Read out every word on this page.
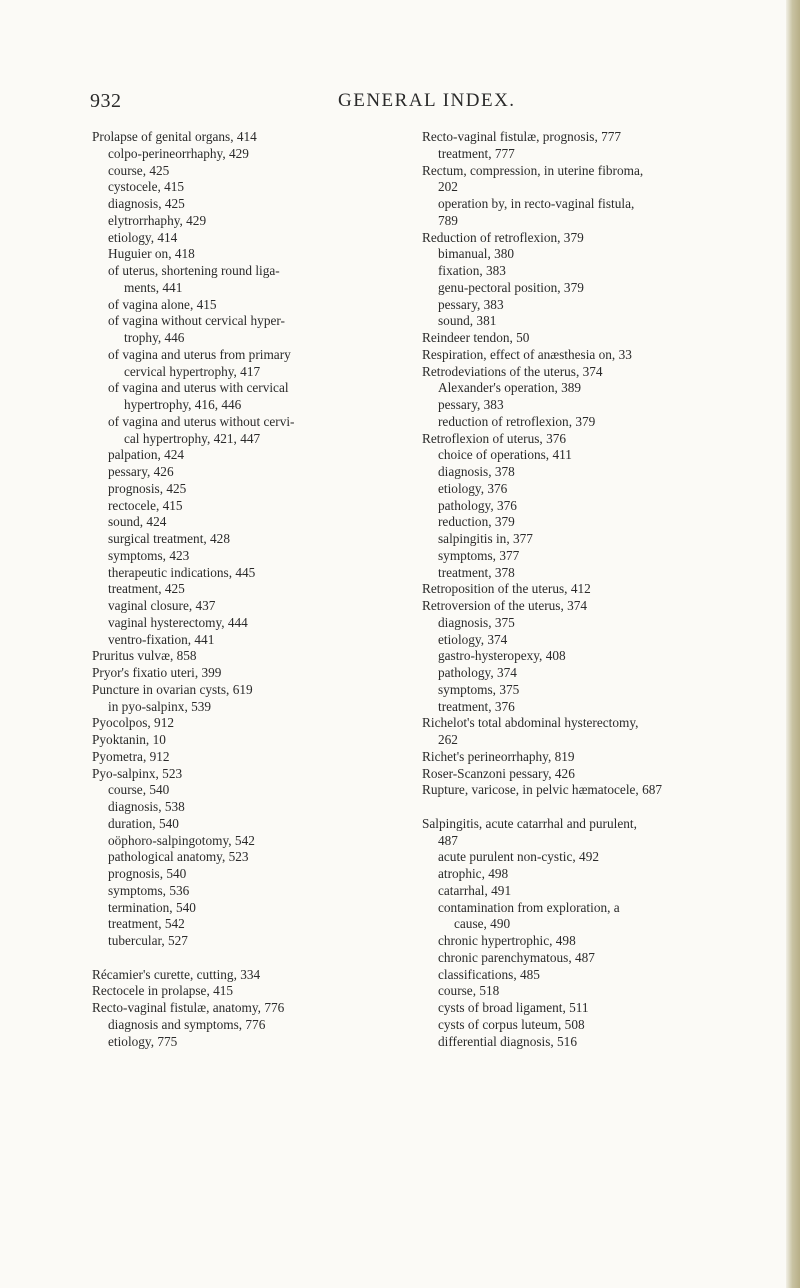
932	GENERAL INDEX.
Prolapse of genital organs, 414
colpo-perineorrhaphy, 429
course, 425
cystocele, 415
diagnosis, 425
elytrorrhaphy, 429
etiology, 414
Huguier on, 418
of uterus, shortening round liga-
ments, 441
of vagina alone, 415
of vagina without cervical hyper-
trophy, 446
of vagina and uterus from primary
cervical hypertrophy, 417
of vagina and uterus with cervical
hypertrophy, 416, 446
of vagina and uterus without cervi-
cal hypertrophy, 421, 447
palpation, 424
pessary, 426
prognosis, 425
rectocele, 415
sound, 424
surgical treatment, 428
symptoms, 423
therapeutic indications, 445
treatment, 425
vaginal closure, 437
vaginal hysterectomy, 444
ventro-fixation, 441
Pruritus vulvæ, 858
Pryor's fixatio uteri, 399
Puncture in ovarian cysts, 619
in pyo-salpinx, 539
Pyocolpos, 912
Pyoktanin, 10
Pyometra, 912
Pyo-salpinx, 523
course, 540
diagnosis, 538
duration, 540
oöphoro-salpingotomy, 542
pathological anatomy, 523
prognosis, 540
symptoms, 536
termination, 540
treatment, 542
tubercular, 527
Récamier's curette, cutting, 334
Rectocele in prolapse, 415
Recto-vaginal fistulæ, anatomy, 776
diagnosis and symptoms, 776
etiology, 775
Recto-vaginal fistulæ, prognosis, 777
treatment, 777
Rectum, compression, in uterine fibroma,
202
operation by, in recto-vaginal fistula,
789
Reduction of retroflexion, 379
bimanual, 380
fixation, 383
genu-pectoral position, 379
pessary, 383
sound, 381
Reindeer tendon, 50
Respiration, effect of anæsthesia on, 33
Retrodeviations of the uterus, 374
Alexander's operation, 389
pessary, 383
reduction of retroflexion, 379
Retroflexion of uterus, 376
choice of operations, 411
diagnosis, 378
etiology, 376
pathology, 376
reduction, 379
salpingitis in, 377
symptoms, 377
treatment, 378
Retroposition of the uterus, 412
Retroversion of the uterus, 374
diagnosis, 375
etiology, 374
gastro-hysteropexy, 408
pathology, 374
symptoms, 375
treatment, 376
Richelot's total abdominal hysterectomy,
262
Richet's perineorrhaphy, 819
Roser-Scanzoni pessary, 426
Rupture, varicose, in pelvic hæmatocele, 687
Salpingitis, acute catarrhal and purulent,
487
acute purulent non-cystic, 492
atrophic, 498
catarrhal, 491
contamination from exploration, a
cause, 490
chronic hypertrophic, 498
chronic parenchymatous, 487
classifications, 485
course, 518
cysts of broad ligament, 511
cysts of corpus luteum, 508
differential diagnosis, 516
